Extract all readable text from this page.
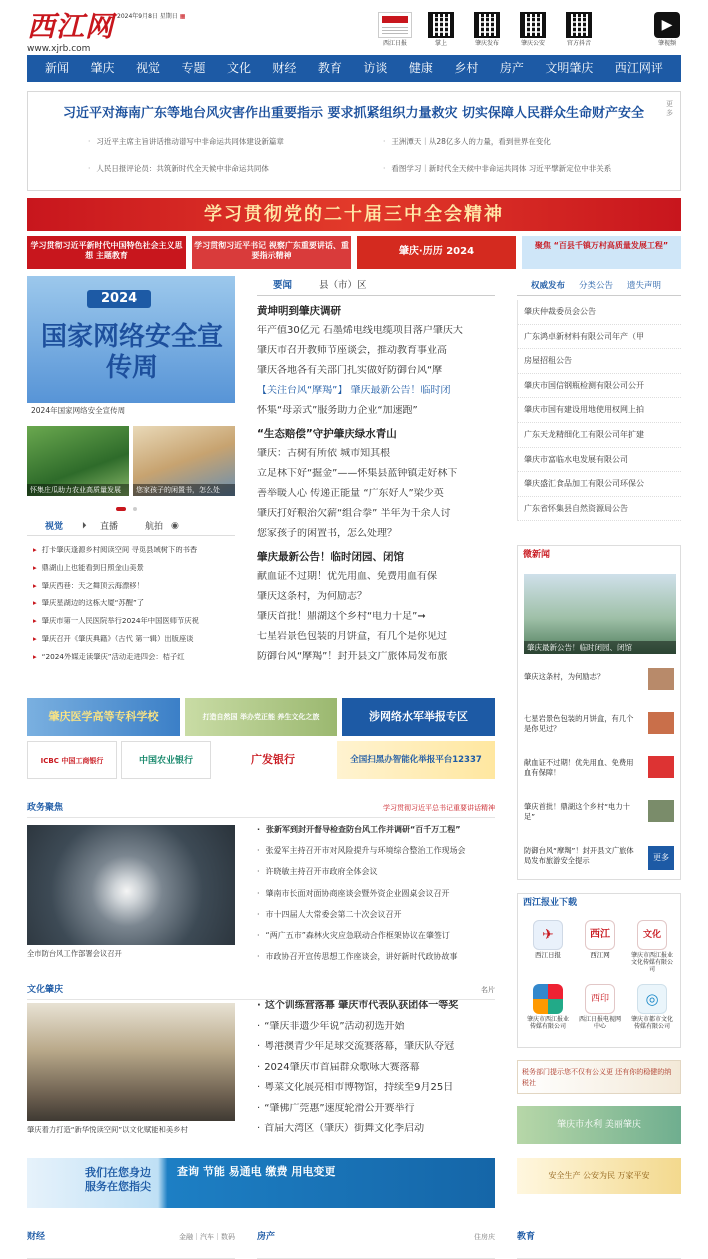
西江网
www.xjrb.com
2024年9月8日 星期日 ▦
西江日报	掌上	肇庆发布	肇庆公安	官方抖音
▶
肇视频
新闻 肇庆 视觉 专题 文化 财经 教育 访谈 健康 乡村 房产 文明肇庆 西江网评
习近平对海南广东等地台风灾害作出重要指示 要求抓紧组织力量救灾 切实保障人民群众生命财产安全
更多
· 习近平主席主旨讲话推动谱写中非命运共同体建设新篇章	· 王洲潭天｜从28亿多人的力量，看到世界在变化
· 人民日报评论员：共筑新时代全天候中非命运共同体	· 看图学习｜新时代全天候中非命运共同体 习近平擘新定位中非关系
学习贯彻党的二十届三中全会精神
学习贯彻习近平新时代中国特色社会主义思想 主题教育
学习贯彻习近平书记 视察广东重要讲话、重要指示精神	肇庆·历历 2024
聚焦 “百县千镇万村高质量发展工程”
2024
国家网络安全宣传周
2024年国家网络安全宣传周

怀集庄瓜助力农业高质量发展	您家孩子的闲置书，怎么处
视觉 ⏵ 直播	航拍 ◉
▸ 打卡肇庆逢源乡村阅读空间 寻觅县域树下的书香
▸ 鼎湖山上也能看到日照金山美景
▸ 肇庆西巷：天之舞顶云海漂移！
▸ 肇庆星湖边的这栋大厦“苏醒”了
▸ 肇庆市第一人民医院举行2024年中国医师节庆祝
▸ 肇庆召开《肇庆典籍》（古代 第一辑）出版座谈
▸ “2024外媒走读肇庆”活动走进四会：桔子红
要闻	县（市）区
黄坤明到肇庆调研
年产值30亿元 石墨烯电线电缆项目落户肇庆大
肇庆市召开教师节座谈会，推动教育事业高
肇庆各地各有关部门扎实做好防御台风“摩
【关注台风“摩羯”】 肇庆最新公告！临时闭
怀集“母亲式”服务助力企业“加速跑”
“生态赔偿”守护肇庆绿水青山
肇庆：古树有所依 城市知其根
立足林下好“掘金”——怀集县蓝钟镇走好林下
善举暖人心 传递正能量 “广东好人”梁少英
肇庆打好粮治欠薪“组合拳” 半年为千余人讨
您家孩子的闲置书，怎么处理？
肇庆最新公告！临时闭园、闭馆
献血证不过期！优先用血、免费用血有保
肇庆这条村，为何励志？
肇庆首批！鼎湖这个乡村“电力十足”➞
七星岩景色包装的月饼盒，有几个是你见过
防御台风“摩羯”！封开县文广旅体局发布旅
权威发布 分类公告 遗失声明
肇庆仲裁委员会公告
广东鸿卓新材料有限公司年产（甲
房屋招租公告
肇庆市国信钢瓶检测有限公司公开
肇庆市国有建设用地使用权网上拍
广东天龙精细化工有限公司年扩建
肇庆市富临水电发展有限公司
肇庆盛汇食品加工有限公司环保公
广东省怀集县自然资源局公告
微新闻
肇庆最新公告！临时闭园、闭馆
肇庆这条村，为何励志？
七星岩景色包装的月饼盒，有几个是你见过？
献血证不过期！优先用血、免费用血有保障！
肇庆首批！鼎湖这个乡村“电力十足”
防御台风“摩羯”！封开县文广旅体局发布旅游安全提示	更多
肇庆医学高等专科学校	打造自然国 举办党正能 养生文化之旅	涉网络水军举报专区
ICBC 中国工商银行	中国农业银行	广发银行	全国扫黑办智能化举报平台12337
政务聚焦	学习贯彻习近平总书记重要讲话精神
全市防台风工作部署会议召开
· 张新军到封开督导检查防台风工作并调研“百千万工程”
· 张爱军主持召开市对风险提升与环境综合整治工作现场会
· 许晓敏主持召开市政府全体会议
· 肇南市长面对面协商座谈会暨外资企业圆桌会议召开
· 市十四届人大常委会第二十次会议召开
· “两广五市”森林火灾应急联动合作框架协议在肇签订
· 市政协召开宣传思想工作座谈会，讲好新时代政协故事
文化肇庆	名片
肇庆着力打造“新华悦读空间”以文化赋能和美乡村
· 这个训练营落幕 肇庆市代表队获团体一等奖
· “肇庆非遗少年说”活动初选开始
· 粤港澳青少年足球交流赛落幕，肇庆队夺冠
· 2024肇庆市首届群众歌咏大赛落幕
· 粤菜文化展亮相市博物馆，持续至9月25日
· “肇佛广莞惠”速度轮滑公开赛举行
· 首届大湾区（肇庆）街舞文化季启动
西江报业下载
✈
西江日报
西江
西江网
文化
肇庆市西江报业文化传媒有限公司
肇庆市西江报业传媒有限公司
西印
西江日报电视网中心
◎
肇庆市都市文化传媒有限公司
税务部门提示您不仅有公义更 还有你的稳健的纳税社
肇庆市水利 美丽肇庆
安全生产 公安为民 万家平安
我们在您身边 服务在您指尖
查询 节能 易通电 缴费 用电变更
财经	金融｜汽车｜数码 房产	住房庆 教育
